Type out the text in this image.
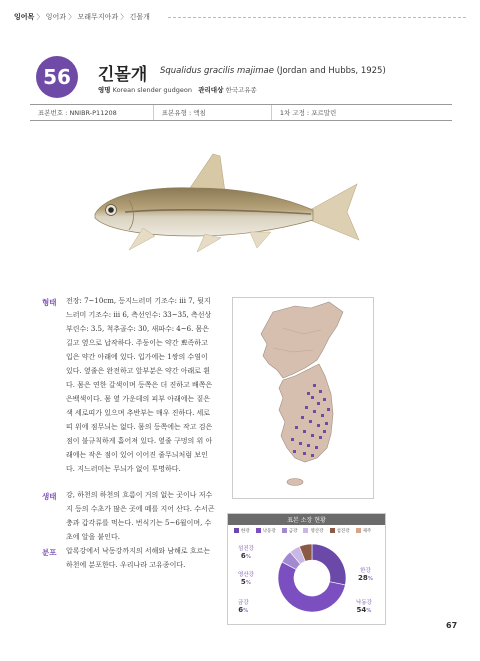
잉어목 〉 잉어과 〉 모래무지아과 〉 긴몰개
56	긴몰개 Squalidus gracilis majimae (Jordan and Hubbs, 1925)
영명 Korean slender gudgeon 관리대상 한국고유종
표본번호 : NNIBR-P11208	표본유형 : 액침	1차 고정 : 포르말린
형태 전장: 7~10cm, 등지느러미 기조수: iii 7, 뒷지느러미 기조수: iii 6, 측선인수: 33~35, 측선상부린수: 3.5, 척추골수: 30, 새파수: 4~6. 몸은 길고 옆으로 납작하다. 주둥이는 약간 뾰족하고 입은 약간 아래에 있다. 입가에는 1쌍의 수염이 있다. 옆줄은 완전하고 앞부분은 약간 아래로 휜다. 몸은 연한 갈색이며 등쪽은 더 진하고 배쪽은 은백색이다. 몸 옆 가운데의 피부 아래에는 짙은색 세로띠가 있으며 추반부는 매우 진하다. 세로띠 위에 점무늬는 없다. 몸의 등쪽에는 작고 검은 점이 불규칙하게 흩어져 있다. 옆줄 구멍의 위 아래에는 작은 점이 있어 이어진 줄무늬처럼 보인다. 지느러미는 무늬가 없이 투명하다.
생태 강, 하천의 하천의 흐름이 거의 없는 곳이나 저수지 등의 수초가 많은 곳에 떼를 지어 산다. 수서곤충과 갑각류를 먹는다. 번식기는 5~6월이며, 수초에 알을 붙인다.
분포 압록강에서 낙동강까지의 서해와 남해로 흐르는 하천에 분포한다. 우리나라 고유종이다.
표본 소장 현황
한강	낙동강	금강	영산강	섬진강	제주
섬진강
6%
영산강
5%
금강
6%
한강
28%
낙동강
54%
67
